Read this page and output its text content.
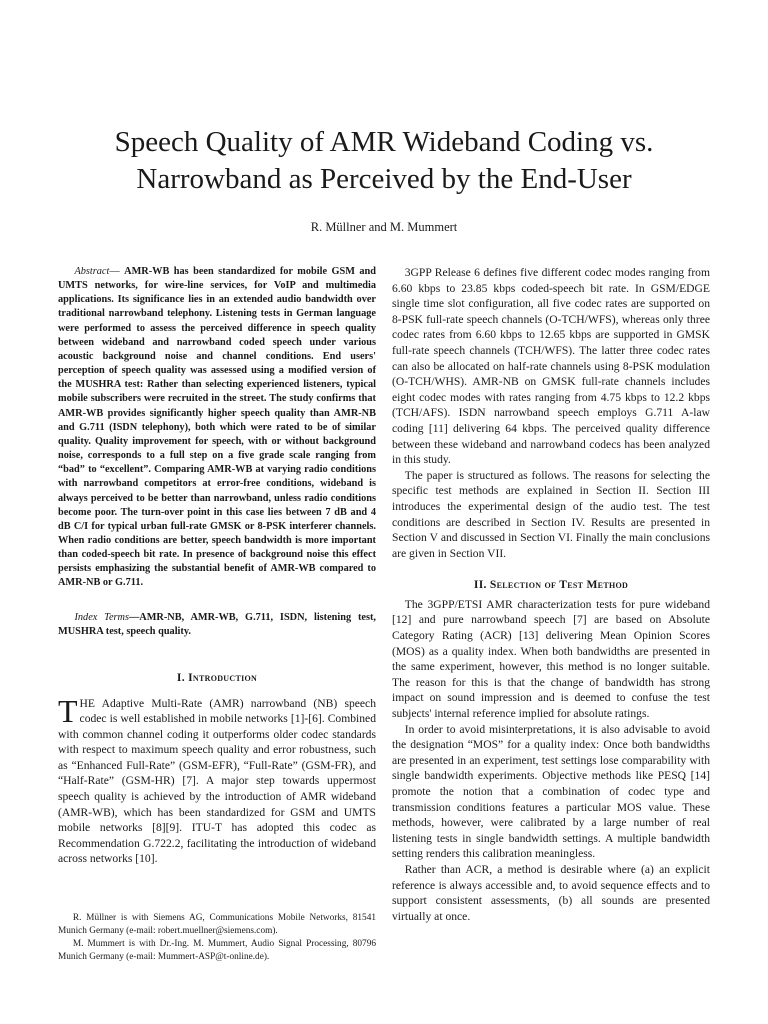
Speech Quality of AMR Wideband Coding vs.
Narrowband as Perceived by the End-User
R. Müllner and M. Mummert

Abstract— AMR-WB has been standardized for mobile GSM and UMTS networks, for wire-line services, for VoIP and multimedia applications. Its significance lies in an extended audio bandwidth over traditional narrowband telephony. Listening tests in German language were performed to assess the perceived difference in speech quality between wideband and narrowband coded speech under various acoustic background noise and channel conditions. End users' perception of speech quality was assessed using a modified version of the MUSHRA test: Rather than selecting experienced listeners, typical mobile subscribers were recruited in the street. The study confirms that AMR-WB provides significantly higher speech quality than AMR-NB and G.711 (ISDN telephony), both which were rated to be of similar quality. Quality improvement for speech, with or without background noise, corresponds to a full step on a five grade scale ranging from “bad” to “excellent”. Comparing AMR-WB at varying radio conditions with narrowband competitors at error-free conditions, wideband is always perceived to be better than narrowband, unless radio conditions become poor. The turn-over point in this case lies between 7 dB and 4 dB C/I for typical urban full-rate GMSK or 8-PSK interferer channels. When radio conditions are better, speech bandwidth is more important than coded-speech bit rate. In presence of background noise this effect persists emphasizing the substantial benefit of AMR-WB compared to AMR-NB or G.711.

Index Terms—AMR-NB, AMR-WB, G.711, ISDN, listening test, MUSHRA test, speech quality.

I. Introduction

THE Adaptive Multi-Rate (AMR) narrowband (NB) speech codec is well established in mobile networks [1]-[6]. Combined with common channel coding it outperforms older codec standards with respect to maximum speech quality and error robustness, such as “Enhanced Full-Rate” (GSM-EFR), “Full-Rate” (GSM-FR), and “Half-Rate” (GSM-HR) [7]. A major step towards uppermost speech quality is achieved by the introduction of AMR wideband (AMR-WB), which has been standardized for GSM and UMTS mobile networks [8][9]. ITU-T has adopted this codec as Recommendation G.722.2, facilitating the introduction of wideband across networks [10].

R. Müllner is with Siemens AG, Communications Mobile Networks, 81541 Munich Germany (e-mail: robert.muellner@siemens.com).

M. Mummert is with Dr.-Ing. M. Mummert, Audio Signal Processing, 80796 Munich Germany (e-mail: Mummert-ASP@t-online.de).

3GPP Release 6 defines five different codec modes ranging from 6.60 kbps to 23.85 kbps coded-speech bit rate. In GSM/EDGE single time slot configuration, all five codec rates are supported on 8-PSK full-rate speech channels (O-TCH/WFS), whereas only three codec rates from 6.60 kbps to 12.65 kbps are supported in GMSK full-rate speech channels (TCH/WFS). The latter three codec rates can also be allocated on half-rate channels using 8-PSK modulation (O-TCH/WHS). AMR-NB on GMSK full-rate channels includes eight codec modes with rates ranging from 4.75 kbps to 12.2 kbps (TCH/AFS). ISDN narrowband speech employs G.711 A-law coding [11] delivering 64 kbps. The perceived quality difference between these wideband and narrowband codecs has been analyzed in this study.

The paper is structured as follows. The reasons for selecting the specific test methods are explained in Section II. Section III introduces the experimental design of the audio test. The test conditions are described in Section IV. Results are presented in Section V and discussed in Section VI. Finally the main conclusions are given in Section VII.

II. Selection of Test Method

The 3GPP/ETSI AMR characterization tests for pure wideband [12] and pure narrowband speech [7] are based on Absolute Category Rating (ACR) [13] delivering Mean Opinion Scores (MOS) as a quality index. When both bandwidths are presented in the same experiment, however, this method is no longer suitable. The reason for this is that the change of bandwidth has strong impact on sound impression and is deemed to confuse the test subjects' internal reference implied for absolute ratings.

In order to avoid misinterpretations, it is also advisable to avoid the designation “MOS” for a quality index: Once both bandwidths are presented in an experiment, test settings lose comparability with single bandwidth experiments. Objective methods like PESQ [14] promote the notion that a combination of codec type and transmission conditions features a particular MOS value. These methods, however, were calibrated by a large number of real listening tests in single bandwidth settings. A multiple bandwidth setting renders this calibration meaningless.

Rather than ACR, a method is desirable where (a) an explicit reference is always accessible and, to avoid sequence effects and to support consistent assessments, (b) all sounds are presented virtually at once.
